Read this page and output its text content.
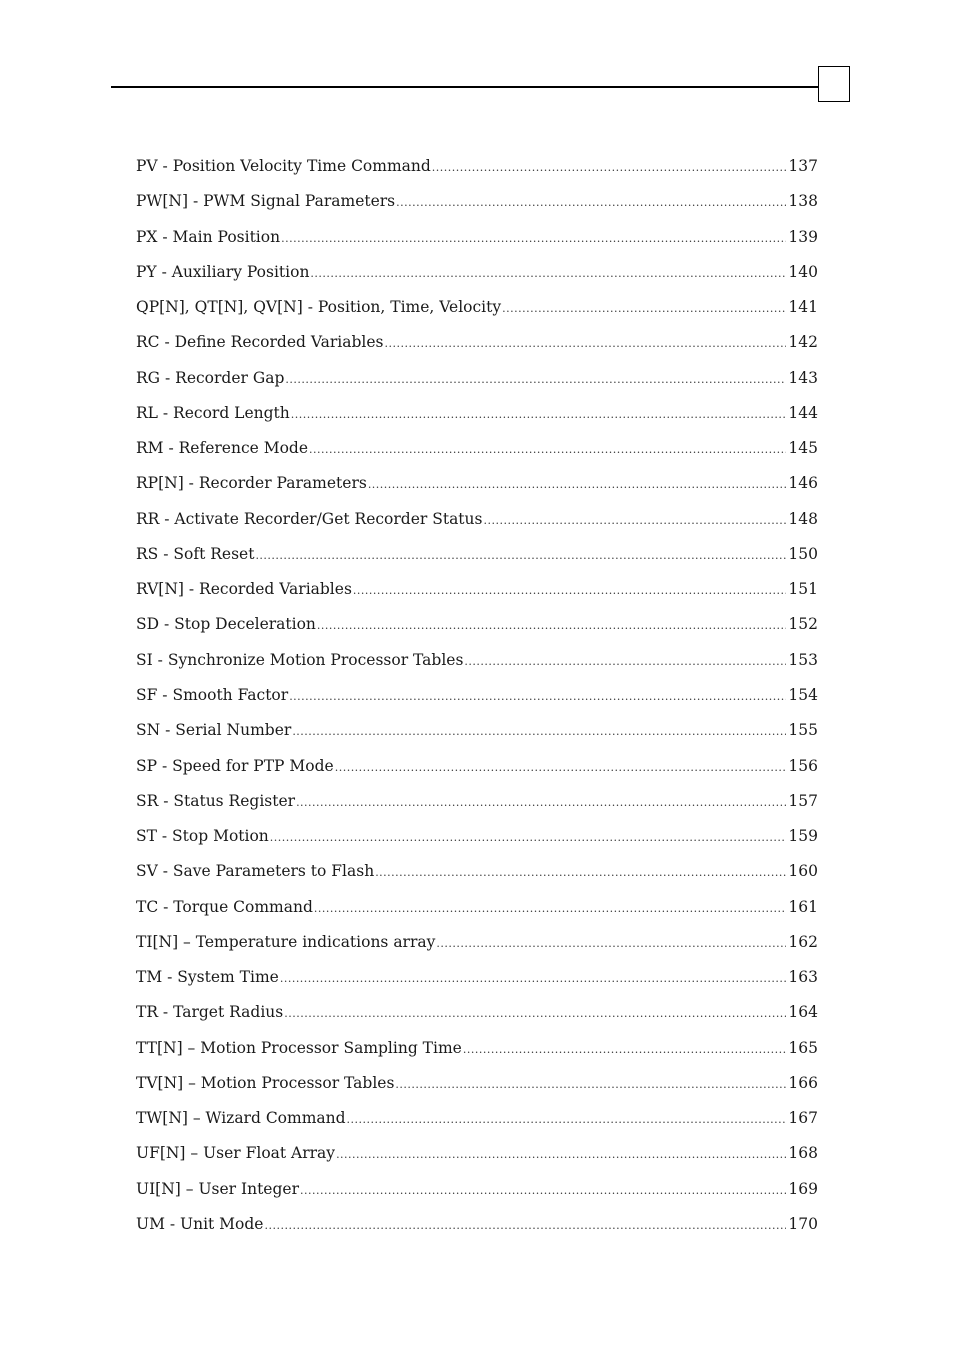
PV - Position Velocity Time Command .....	137
PW[N] - PWM Signal Parameters .....	138
PX - Main Position .....	139
PY - Auxiliary Position .....	140
QP[N], QT[N], QV[N] - Position, Time, Velocity .....	141
RC - Define Recorded Variables .....	142
RG - Recorder Gap .....	143
RL - Record Length .....	144
RM - Reference Mode .....	145
RP[N] - Recorder Parameters .....	146
RR - Activate Recorder/Get Recorder Status .....	148
RS - Soft Reset .....	150
RV[N] - Recorded Variables .....	151
SD - Stop Deceleration .....	152
SI - Synchronize Motion Processor Tables .....	153
SF - Smooth Factor .....	154
SN - Serial Number .....	155
SP - Speed for PTP Mode .....	156
SR - Status Register .....	157
ST - Stop Motion .....	159
SV - Save Parameters to Flash .....	160
TC - Torque Command .....	161
TI[N] – Temperature indications array .....	162
TM - System Time .....	163
TR - Target Radius .....	164
TT[N] – Motion Processor Sampling Time .....	165
TV[N] – Motion Processor Tables .....	166
TW[N] – Wizard Command .....	167
UF[N] – User Float Array .....	168
UI[N] – User Integer .....	169
UM - Unit Mode .....	170
